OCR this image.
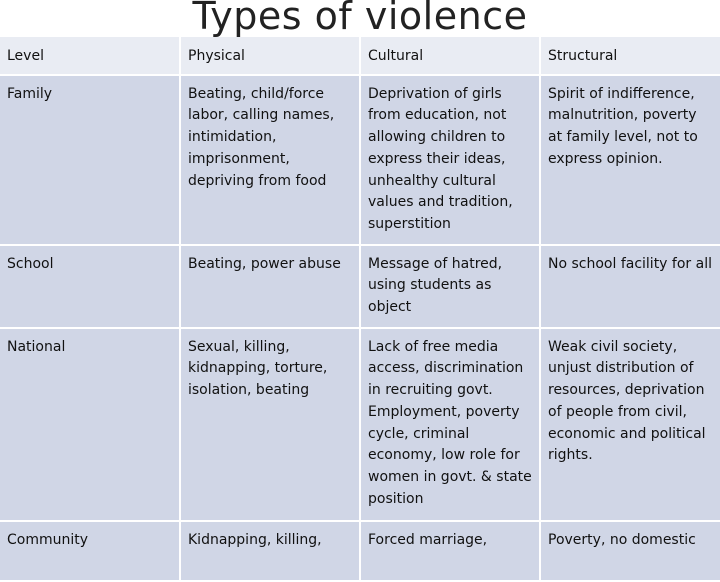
Types of violence
Level	Physical	Cultural	Structural
Family	Beating, child/force labor, calling names, intimidation, imprisonment, depriving from food	Deprivation of girls from education, not allowing children to express their ideas, unhealthy cultural values and tradition, superstition	Spirit of indifference, malnutrition, poverty at family level, not to express opinion.
School	Beating, power abuse	Message of hatred, using students as object	No school facility for all
National	Sexual, killing, kidnapping, torture, isolation, beating	Lack of free media access, discrimination in recruiting govt. Employment, poverty cycle, criminal economy, low role for women in govt. & state position	Weak civil society, unjust distribution of resources, deprivation of people from civil, economic and political rights.
Community	Kidnapping, killing,	Forced marriage,	Poverty, no domestic
